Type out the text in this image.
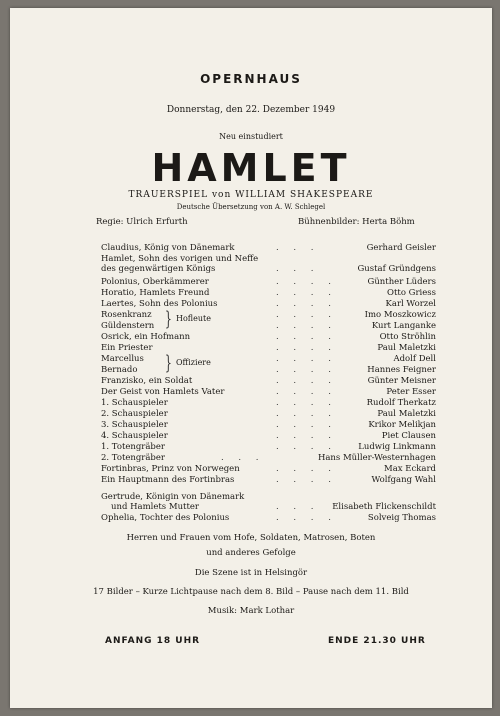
OPERNHAUS
Donnerstag, den 22. Dezember 1949
Neu einstudiert
HAMLET
TRAUERSPIEL von WILLIAM SHAKESPEARE
Deutsche Übersetzung von A. W. Schlegel
Regie: Ulrich Erfurth	Bühnenbilder: Herta Böhm
Claudius, König von Dänemark	. . .	Gerhard Geisler
Hamlet, Sohn des vorigen und Neffe
des gegenwärtigen Königs	. . .	Gustaf Gründgens
Polonius, Oberkämmerer	. . . .	Günther Lüders
Horatio, Hamlets Freund	. . . .	Otto Griess
Laertes, Sohn des Polonius	. . . .	Karl Worzel
Rosenkranz	. . . .	Imo Moszkowicz
Güldenstern	. . . .	Kurt Langanke
} Hofleute
Osrick, ein Hofmann	. . . .	Otto Ströhlin
Ein Priester	. . . .	Paul Maletzki
Marcellus	. . . .	Adolf Dell
Bernado	. . . .	Hannes Feigner
} Offiziere
Franzisko, ein Soldat	. . . .	Günter Meisner
Der Geist von Hamlets Vater	. . . .	Peter Esser
1. Schauspieler	. . . .	Rudolf Therkatz
2. Schauspieler	. . . .	Paul Maletzki
3. Schauspieler	. . . .	Krikor Melikjan
4. Schauspieler	. . . .	Piet Clausen
1. Totengräber	. . . .	Ludwig Linkmann
2. Totengräber	. . .	Hans Müller-Westernhagen
Fortinbras, Prinz von Norwegen	. . . .	Max Eckard
Ein Hauptmann des Fortinbras	. . . .	Wolfgang Wahl
Gertrude, Königin von Dänemark
und Hamlets Mutter	. . . Elisabeth Flickenschildt
Ophelia, Tochter des Polonius	. . . .	Solveig Thomas
Herren und Frauen vom Hofe, Soldaten, Matrosen, Boten
und anderes Gefolge
Die Szene ist in Helsingör
17 Bilder – Kurze Lichtpause nach dem 8. Bild – Pause nach dem 11. Bild
Musik: Mark Lothar
ANFANG 18 UHR	ENDE 21.30 UHR
